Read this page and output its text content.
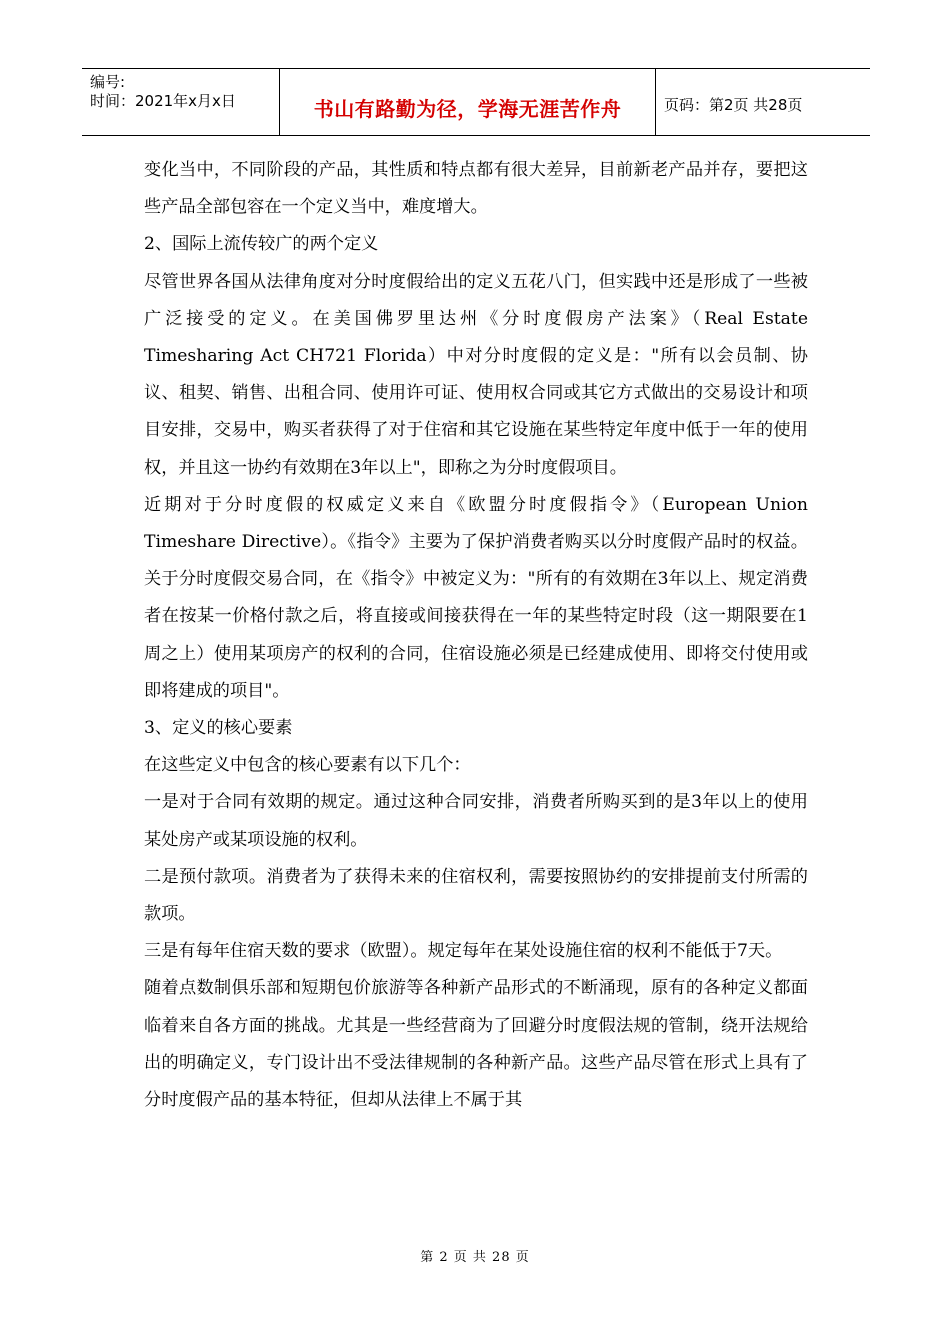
编号:
时间：2021年x月x日	书山有路勤为径，学海无涯苦作舟	页码：第2页 共28页

变化当中，不同阶段的产品，其性质和特点都有很大差异，目前新老产品并存，要把这些产品全部包容在一个定义当中，难度增大。

2、国际上流传较广的两个定义

尽管世界各国从法律角度对分时度假给出的定义五花八门，但实践中还是形成了一些被广泛接受的定义。在美国佛罗里达州《分时度假房产法案》（Real Estate Timesharing Act CH721 Florida）中对分时度假的定义是："所有以会员制、协议、租契、销售、出租合同、使用许可证、使用权合同或其它方式做出的交易设计和项目安排，交易中，购买者获得了对于住宿和其它设施在某些特定年度中低于一年的使用权，并且这一协约有效期在3年以上"，即称之为分时度假项目。

近期对于分时度假的权威定义来自《欧盟分时度假指令》（European Union Timeshare Directive）。《指令》主要为了保护消费者购买以分时度假产品时的权益。关于分时度假交易合同，在《指令》中被定义为："所有的有效期在3年以上、规定消费者在按某一价格付款之后，将直接或间接获得在一年的某些特定时段（这一期限要在1周之上）使用某项房产的权利的合同，住宿设施必须是已经建成使用、即将交付使用或即将建成的项目"。

3、定义的核心要素

在这些定义中包含的核心要素有以下几个：

一是对于合同有效期的规定。通过这种合同安排，消费者所购买到的是3年以上的使用某处房产或某项设施的权利。

二是预付款项。消费者为了获得未来的住宿权利，需要按照协约的安排提前支付所需的款项。

三是有每年住宿天数的要求（欧盟）。规定每年在某处设施住宿的权利不能低于7天。

随着点数制俱乐部和短期包价旅游等各种新产品形式的不断涌现，原有的各种定义都面临着来自各方面的挑战。尤其是一些经营商为了回避分时度假法规的管制，绕开法规给出的明确定义，专门设计出不受法律规制的各种新产品。这些产品尽管在形式上具有了分时度假产品的基本特征，但却从法律上不属于其

第 2 页 共 28 页
